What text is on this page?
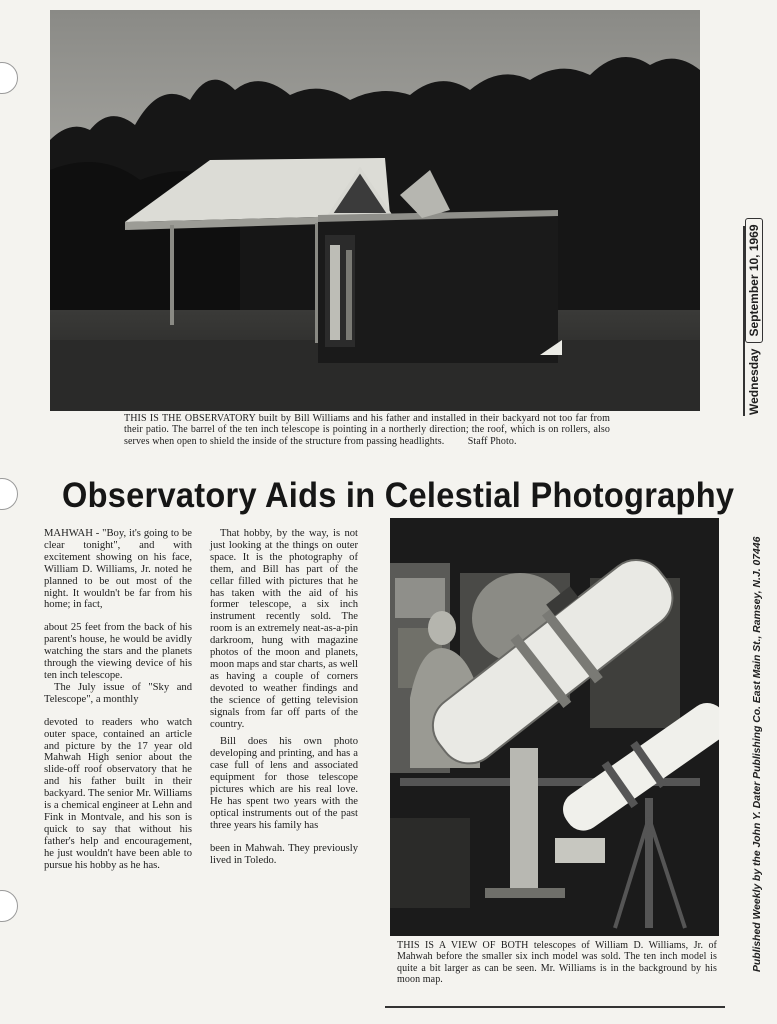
THIS IS THE OBSERVATORY built by Bill Williams and his father and installed in their backyard not too far from their patio. The barrel of the ten inch telescope is pointing in a northerly direction; the roof, which is on rollers, also serves when open to shield the inside of the structure from passing headlights. Staff Photo.

Observatory Aids in Celestial Photography

MAHWAH - "Boy, it's going to be clear tonight", and with excitement showing on his face, William D. Williams, Jr. noted he planned to be out most of the night. It wouldn't be far from his home; in fact,

about 25 feet from the back of his parent's house, he would be avidly watching the stars and the planets through the viewing device of his ten inch telescope.

The July issue of "Sky and Telescope", a monthly

devoted to readers who watch outer space, contained an article and picture by the 17 year old Mahwah High senior about the slide-off roof observatory that he and his father built in their backyard. The senior Mr. Williams is a chemical engineer at Lehn and Fink in Montvale, and his son is quick to say that without his father's help and encouragement, he just wouldn't have been able to pursue his hobby as he has.

That hobby, by the way, is not just looking at the things on outer space. It is the photography of them, and Bill has part of the cellar filled with pictures that he has taken with the aid of his former telescope, a six inch instrument recently sold. The room is an extremely neat-as-a-pin darkroom, hung with magazine photos of the moon and planets, moon maps and star charts, as well as having a couple of corners devoted to weather findings and the science of getting television signals from far off parts of the country.

Bill does his own photo developing and printing, and has a case full of lens and associated equipment for those telescope pictures which are his real love. He has spent two years with the optical instruments out of the past three years his family has

been in Mahwah. They previously lived in Toledo.

THIS IS A VIEW OF BOTH telescopes of William D. Williams, Jr. of Mahwah before the smaller six inch model was sold. The ten inch model is quite a bit larger as can be seen. Mr. Williams is in the background by his moon map.

WednesdaySeptember 10, 1969
Published Weekly by the John Y. Dater Publishing Co. East Main St., Ramsey, N.J. 07446
